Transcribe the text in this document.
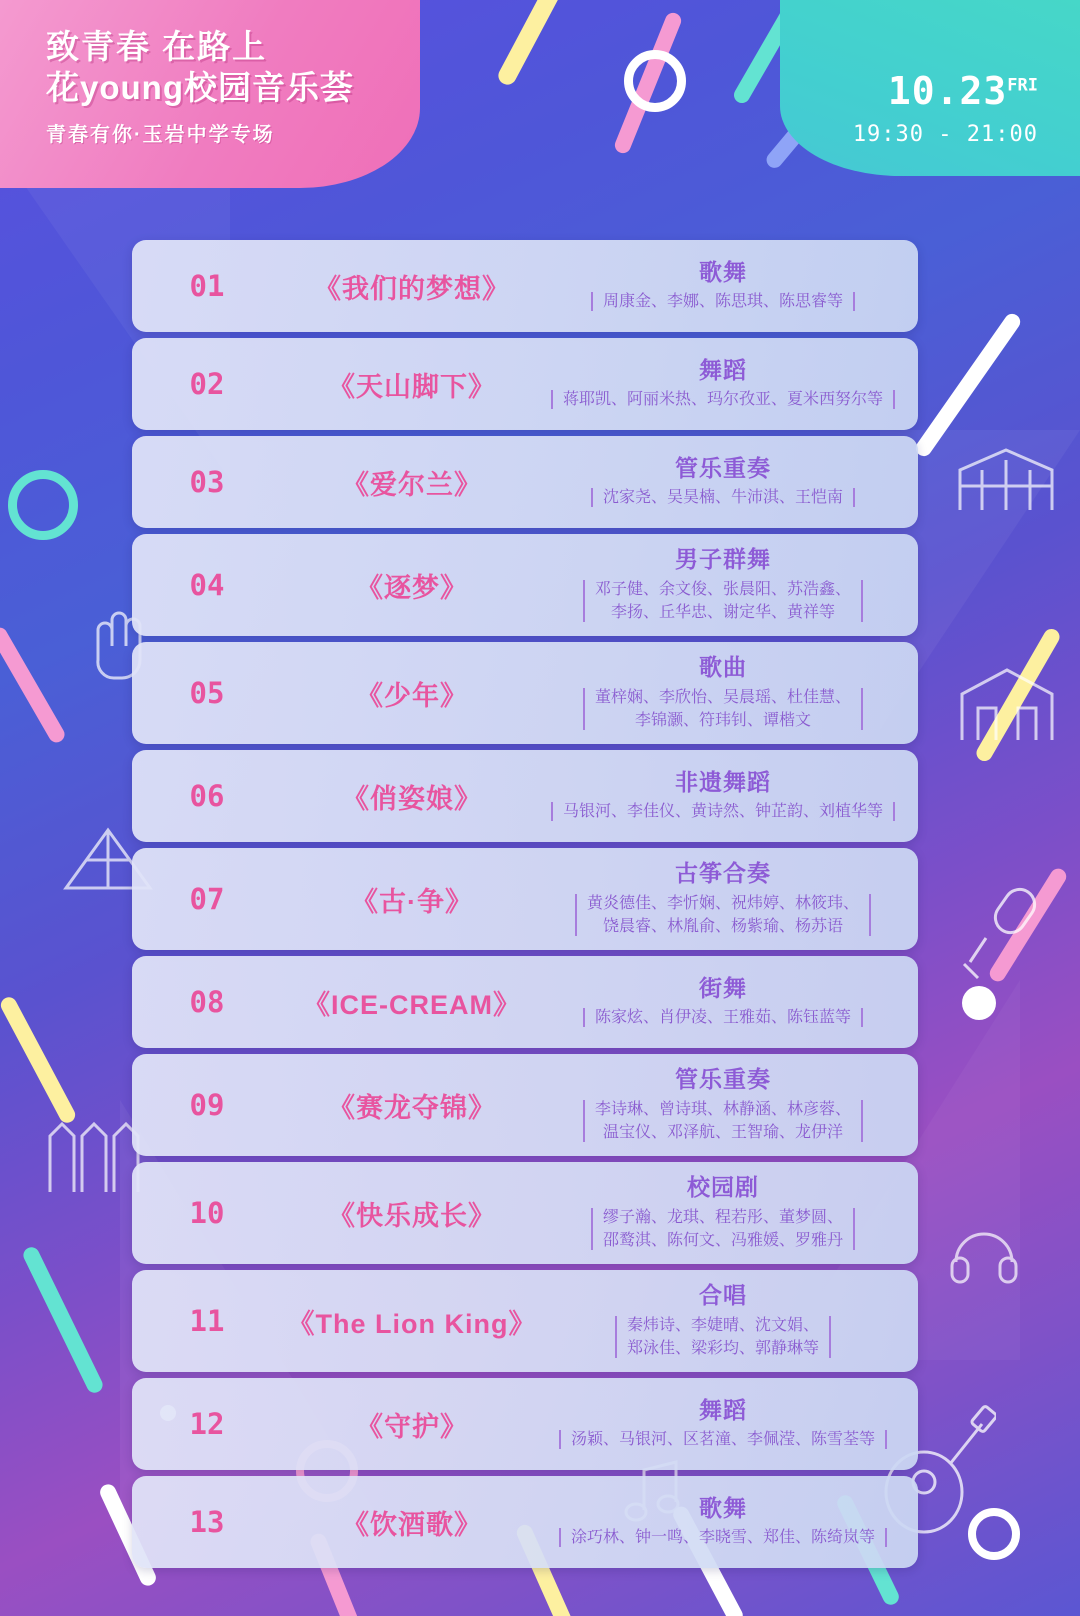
致青春 在路上
花young校园音乐荟
青春有你·玉岩中学专场
$10.23^{FRI}$
19:30 - 21:00
01	《我们的梦想》
歌舞
周康金、李娜、陈思琪、陈思睿等
02	《天山脚下》
舞蹈
蒋耶凯、阿丽米热、玛尔孜亚、夏米西努尔等
03	《爱尔兰》
管乐重奏
沈家尧、吴昊楠、牛沛淇、王恺南
04	《逐梦》
男子群舞
邓子健、余文俊、张晨阳、苏浩鑫、
李扬、丘华忠、谢定华、黄祥等
05	《少年》
歌曲
董梓娴、李欣怡、吴晨瑶、杜佳慧、
李锦灏、符玮钊、谭楷文
06	《俏姿娘》
非遗舞蹈
马银河、李佳仪、黄诗然、钟芷韵、刘植华等
07	《古·争》
古筝合奏
黄炎德佳、李忻娴、祝炜婷、林筱玮、
饶晨睿、林胤俞、杨紫瑜、杨苏语
08	《ICE-CREAM》
街舞
陈家炫、肖伊凌、王雅茹、陈钰蓝等
09	《赛龙夺锦》
管乐重奏
李诗琳、曾诗琪、林静涵、林彦蓉、
温宝仪、邓泽航、王智瑜、龙伊洋
10	《快乐成长》
校园剧
缪子瀚、龙琪、程若彤、董梦圆、
邵鹜淇、陈何文、冯雅媛、罗雅丹
11	《The Lion King》
合唱
秦炜诗、李婕晴、沈文娟、
郑泳佳、梁彩均、郭静琳等
12	《守护》
舞蹈
汤颖、马银河、区茗潼、李佩滢、陈雪荃等
13	《饮酒歌》
歌舞
涂巧林、钟一鸣、李晓雪、郑佳、陈绮岚等
